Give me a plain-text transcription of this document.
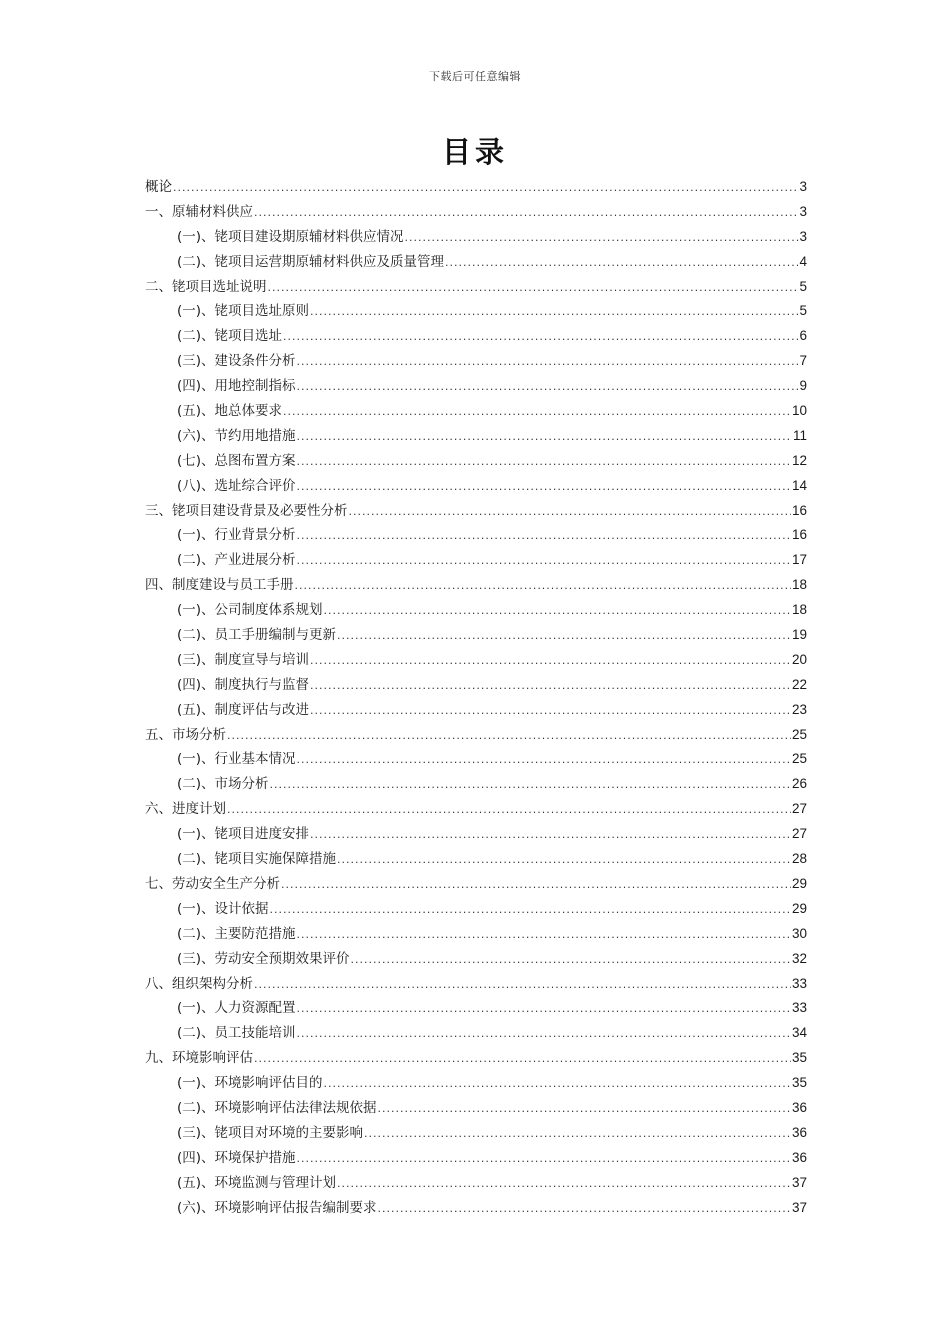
下载后可任意编辑
目录
概论 .....	3
一、原辅材料供应 .....	3
(一)、铑项目建设期原辅材料供应情况 .....	3
(二)、铑项目运营期原辅材料供应及质量管理 .....	4
二、铑项目选址说明 .....	5
(一)、铑项目选址原则 .....	5
(二)、铑项目选址 .....	6
(三)、建设条件分析 .....	7
(四)、用地控制指标 .....	9
(五)、地总体要求 .....	10
(六)、节约用地措施 .....	11
(七)、总图布置方案 .....	12
(八)、选址综合评价 .....	14
三、铑项目建设背景及必要性分析 .....	16
(一)、行业背景分析 .....	16
(二)、产业进展分析 .....	17
四、制度建设与员工手册 .....	18
(一)、公司制度体系规划 .....	18
(二)、员工手册编制与更新 .....	19
(三)、制度宣导与培训 .....	20
(四)、制度执行与监督 .....	22
(五)、制度评估与改进 .....	23
五、市场分析 .....	25
(一)、行业基本情况 .....	25
(二)、市场分析 .....	26
六、进度计划 .....	27
(一)、铑项目进度安排 .....	27
(二)、铑项目实施保障措施 .....	28
七、劳动安全生产分析 .....	29
(一)、设计依据 .....	29
(二)、主要防范措施 .....	30
(三)、劳动安全预期效果评价 .....	32
八、组织架构分析 .....	33
(一)、人力资源配置 .....	33
(二)、员工技能培训 .....	34
九、环境影响评估 .....	35
(一)、环境影响评估目的 .....	35
(二)、环境影响评估法律法规依据 .....	36
(三)、铑项目对环境的主要影响 .....	36
(四)、环境保护措施 .....	36
(五)、环境监测与管理计划 .....	37
(六)、环境影响评估报告编制要求 .....	37
